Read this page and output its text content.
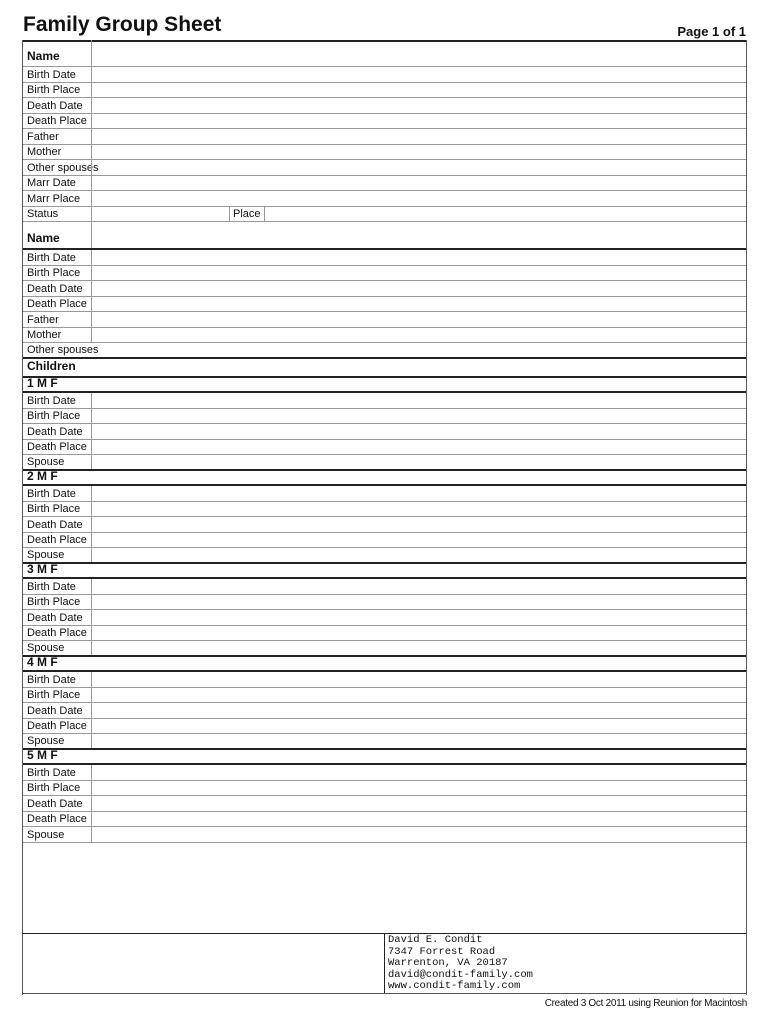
Family Group Sheet	Page 1 of 1
Name
Birth Date
Birth Place
Death Date
Death Place
Father
Mother
Other spouses
Marr Date
Marr Place
Status	Place
Name
Birth Date
Birth Place
Death Date
Death Place
Father
Mother
Other spouses
Children
1 M F
Birth Date
Birth Place
Death Date
Death Place
Spouse
2 M F
Birth Date
Birth Place
Death Date
Death Place
Spouse
3 M F
Birth Date
Birth Place
Death Date
Death Place
Spouse
4 M F
Birth Date
Birth Place
Death Date
Death Place
Spouse
5 M F
Birth Date
Birth Place
Death Date
Death Place
Spouse
David E. Condit
7347 Forrest Road
Warrenton, VA 20187
david@condit-family.com
www.condit-family.com
Created 3 Oct 2011 using Reunion for Macintosh
